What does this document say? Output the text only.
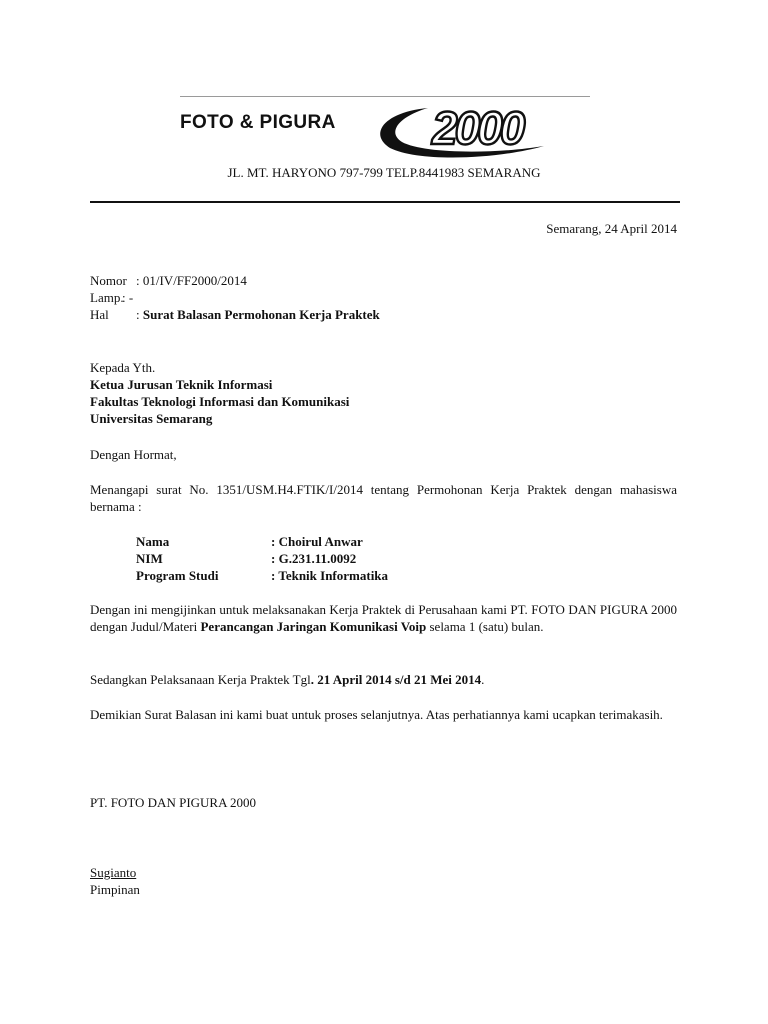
FOTO & PIGURA 2000
JL. MT. HARYONO 797-799 TELP.8441983 SEMARANG
Semarang, 24 April 2014
Nomor : 01/IV/FF2000/2014
Lamp.: -
Hal : Surat Balasan Permohonan Kerja Praktek
Kepada Yth.
Ketua Jurusan Teknik Informasi
Fakultas Teknologi Informasi dan Komunikasi
Universitas Semarang
Dengan Hormat,
Menangapi surat No. 1351/USM.H4.FTIK/I/2014 tentang Permohonan Kerja Praktek dengan mahasiswa bernama :
Nama	: Choirul Anwar
NIM	: G.231.11.0092
Program Studi	: Teknik Informatika
Dengan ini mengijinkan untuk melaksanakan Kerja Praktek di Perusahaan kami PT. FOTO DAN PIGURA 2000 dengan Judul/Materi Perancangan Jaringan Komunikasi Voip selama 1 (satu) bulan.
Sedangkan Pelaksanaan Kerja Praktek Tgl. 21 April 2014 s/d 21 Mei 2014.
Demikian Surat Balasan ini kami buat untuk proses selanjutnya. Atas perhatiannya kami ucapkan terimakasih.
PT. FOTO DAN PIGURA 2000
Sugianto
Pimpinan
